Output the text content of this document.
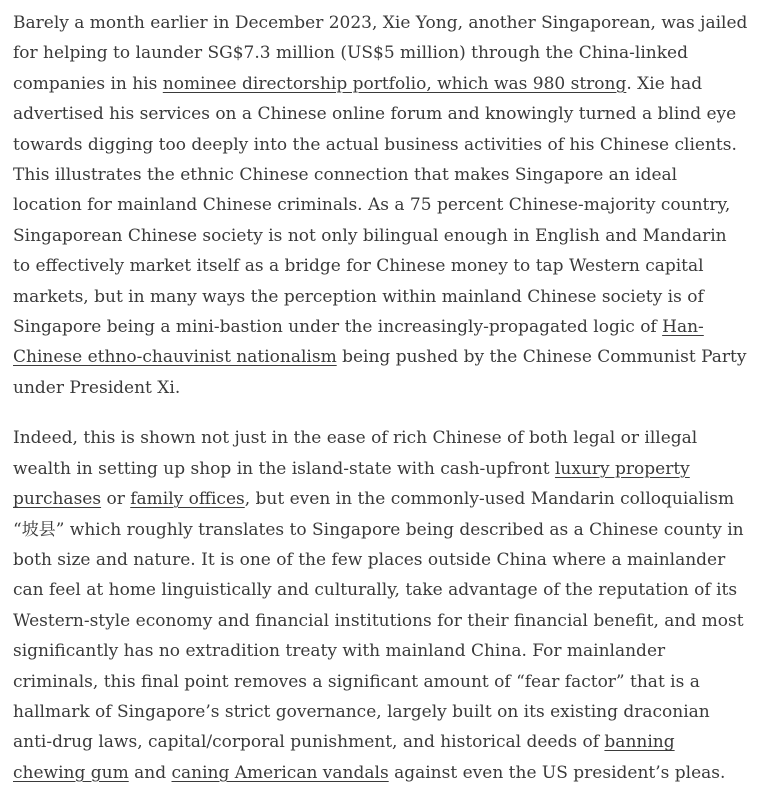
Barely a month earlier in December 2023, Xie Yong, another Singaporean, was jailed for helping to launder SG$7.3 million (US$5 million) through the China-linked companies in his nominee directorship portfolio, which was 980 strong. Xie had advertised his services on a Chinese online forum and knowingly turned a blind eye towards digging too deeply into the actual business activities of his Chinese clients. This illustrates the ethnic Chinese connection that makes Singapore an ideal location for mainland Chinese criminals. As a 75 percent Chinese-majority country, Singaporean Chinese society is not only bilingual enough in English and Mandarin to effectively market itself as a bridge for Chinese money to tap Western capital markets, but in many ways the perception within mainland Chinese society is of Singapore being a mini-bastion under the increasingly-propagated logic of Han-Chinese ethno-chauvinist nationalism being pushed by the Chinese Communist Party under President Xi.

Indeed, this is shown not just in the ease of rich Chinese of both legal or illegal wealth in setting up shop in the island-state with cash-upfront luxury property purchases or family offices, but even in the commonly-used Mandarin colloquialism “坡县” which roughly translates to Singapore being described as a Chinese county in both size and nature. It is one of the few places outside China where a mainlander can feel at home linguistically and culturally, take advantage of the reputation of its Western-style economy and financial institutions for their financial benefit, and most significantly has no extradition treaty with mainland China. For mainlander criminals, this final point removes a significant amount of “fear factor” that is a hallmark of Singapore’s strict governance, largely built on its existing draconian anti-drug laws, capital/corporal punishment, and historical deeds of banning chewing gum and caning American vandals against even the US president’s pleas.
